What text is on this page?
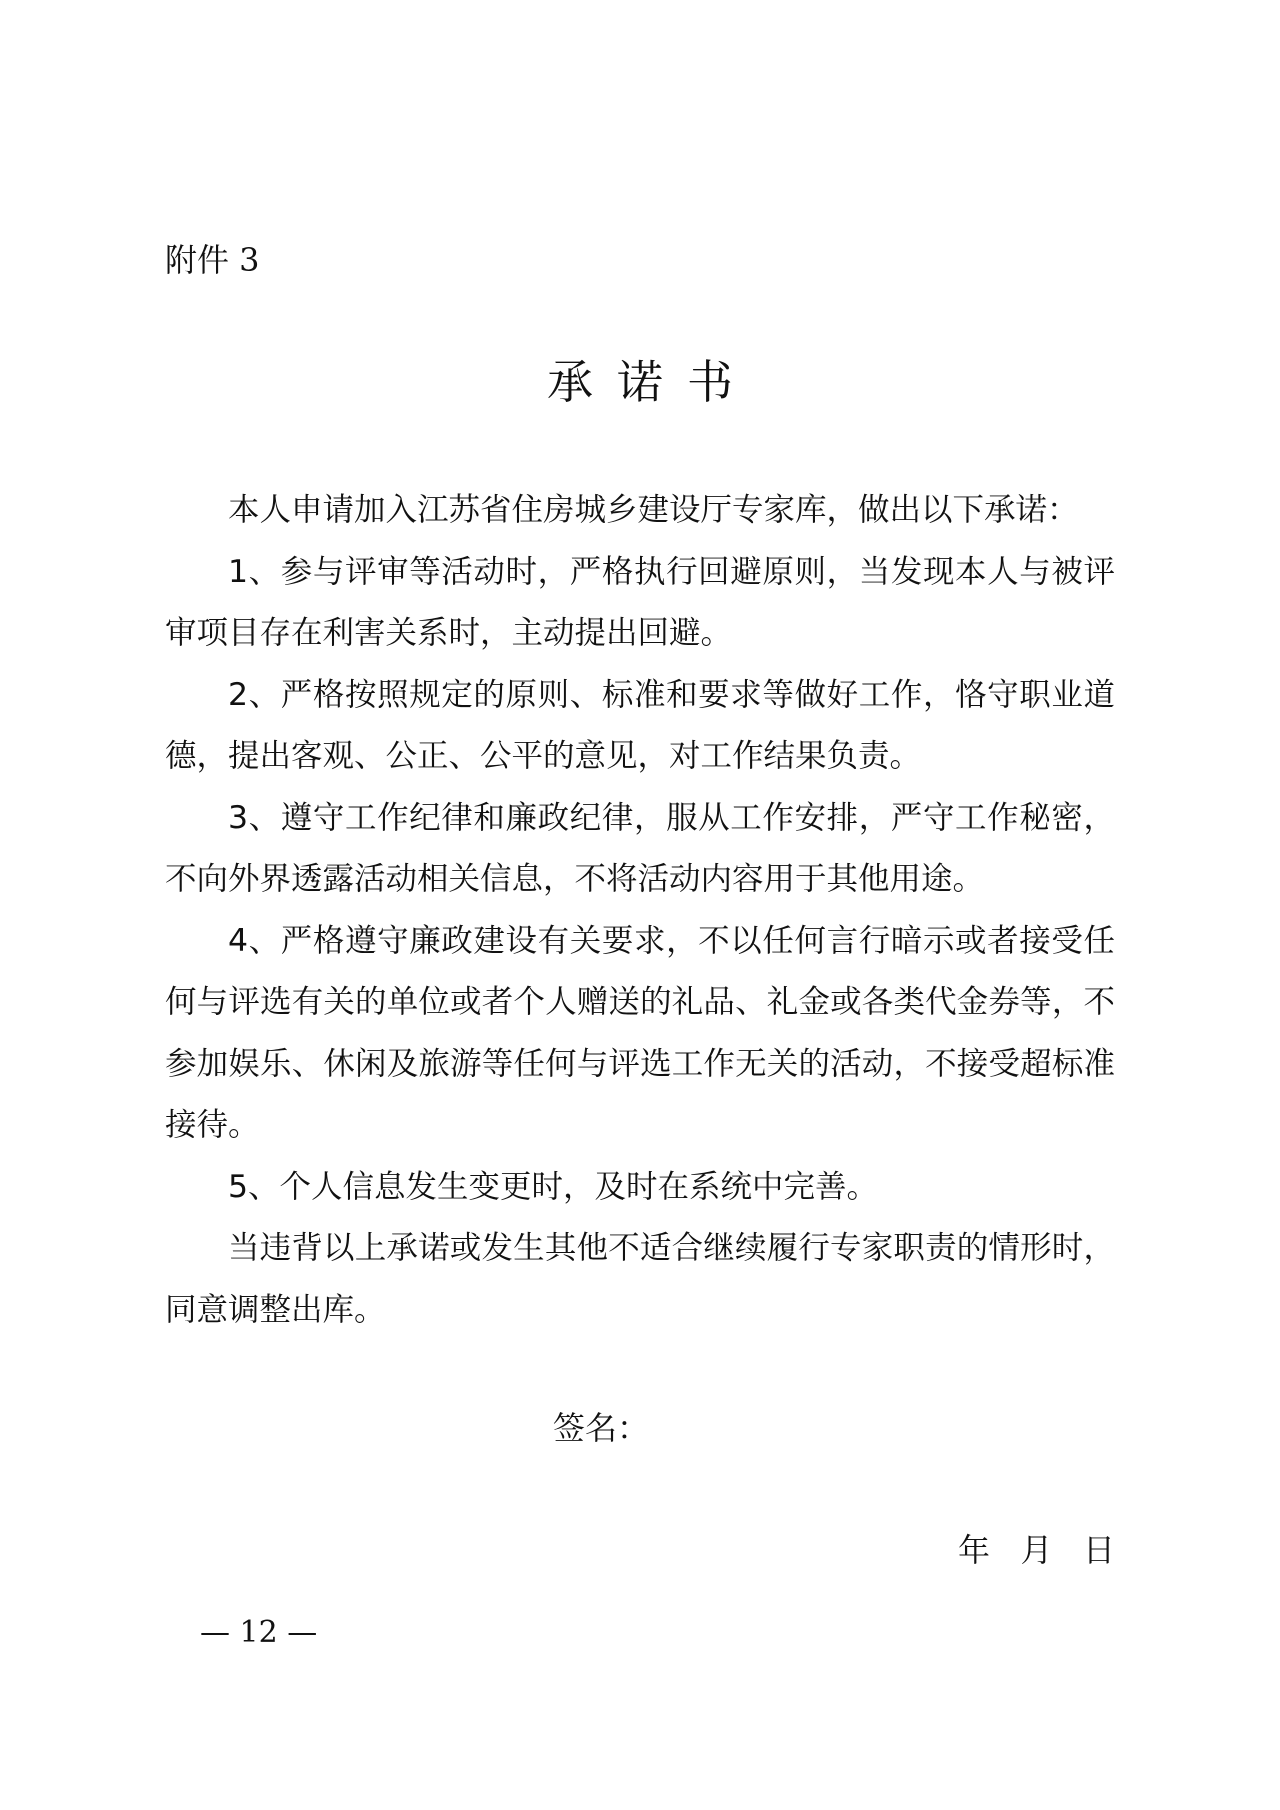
附件 3
承诺书

本人申请加入江苏省住房城乡建设厅专家库，做出以下承诺：

1、参与评审等活动时，严格执行回避原则，当发现本人与被评审项目存在利害关系时，主动提出回避。

2、严格按照规定的原则、标准和要求等做好工作，恪守职业道德，提出客观、公正、公平的意见，对工作结果负责。

3、遵守工作纪律和廉政纪律，服从工作安排，严守工作秘密，不向外界透露活动相关信息，不将活动内容用于其他用途。

4、严格遵守廉政建设有关要求，不以任何言行暗示或者接受任何与评选有关的单位或者个人赠送的礼品、礼金或各类代金券等，不参加娱乐、休闲及旅游等任何与评选工作无关的活动，不接受超标准接待。

5、个人信息发生变更时，及时在系统中完善。

当违背以上承诺或发生其他不适合继续履行专家职责的情形时，同意调整出库。

签名：
年   月   日
— 12 —
